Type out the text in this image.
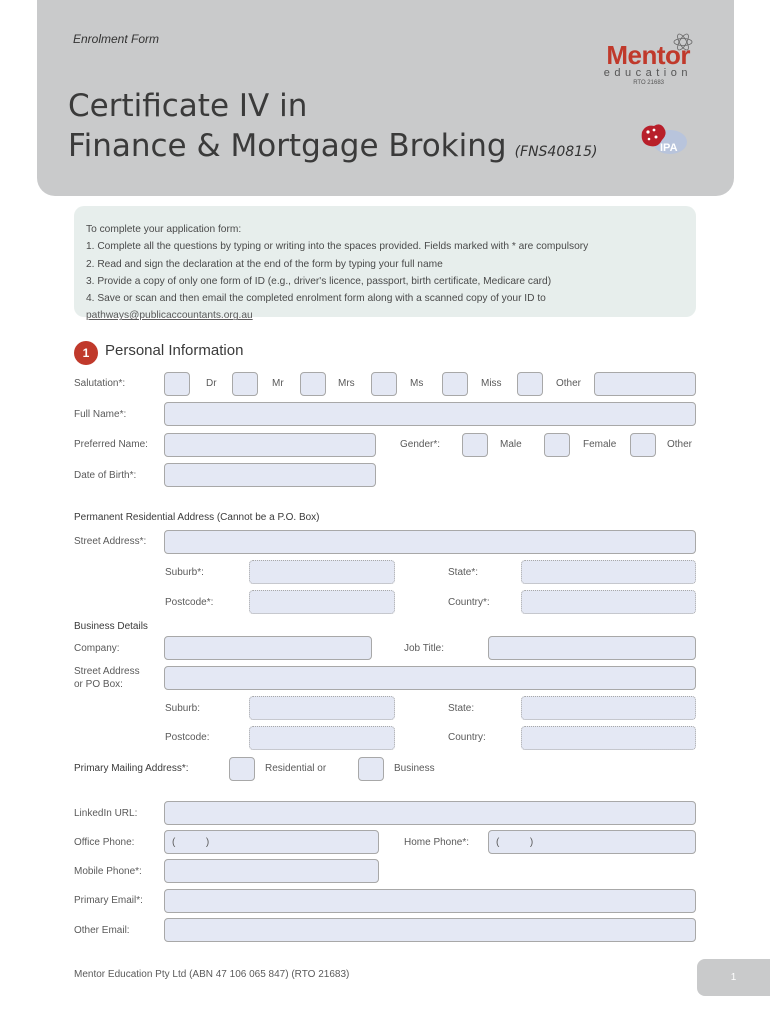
Enrolment Form
Certificate IV in
Finance & Mortgage Broking (FNS40815)
Mentor
education
RTO 21683
IPA
To complete your application form:
1. Complete all the questions by typing or writing into the spaces provided. Fields marked with * are compulsory
2. Read and sign the declaration at the end of the form by typing your full name
3. Provide a copy of only one form of ID (e.g., driver's licence, passport, birth certificate, Medicare card)
4. Save or scan and then email the completed enrolment form along with a scanned copy of your ID to pathways@publicaccountants.org.au
1	Personal Information
Salutation*:	Dr	Mr	Mrs	Ms	Miss	Other
Full Name*:
Preferred Name:	Gender*:	Male	Female	Other
Date of Birth*:
Permanent Residential Address (Cannot be a P.O. Box)
Street Address*:
Suburb*:	State*:
Postcode*:	Country*:
Business Details
Company:	Job Title:
Street Address
or PO Box:
Suburb:	State:
Postcode:	Country:
Primary Mailing Address*:	Residential or	Business
LinkedIn URL:
Office Phone:	(           )	Home Phone*:	(           )
Mobile Phone*:
Primary Email*:
Other Email:
Mentor Education Pty Ltd (ABN 47 106 065 847) (RTO 21683)	1
